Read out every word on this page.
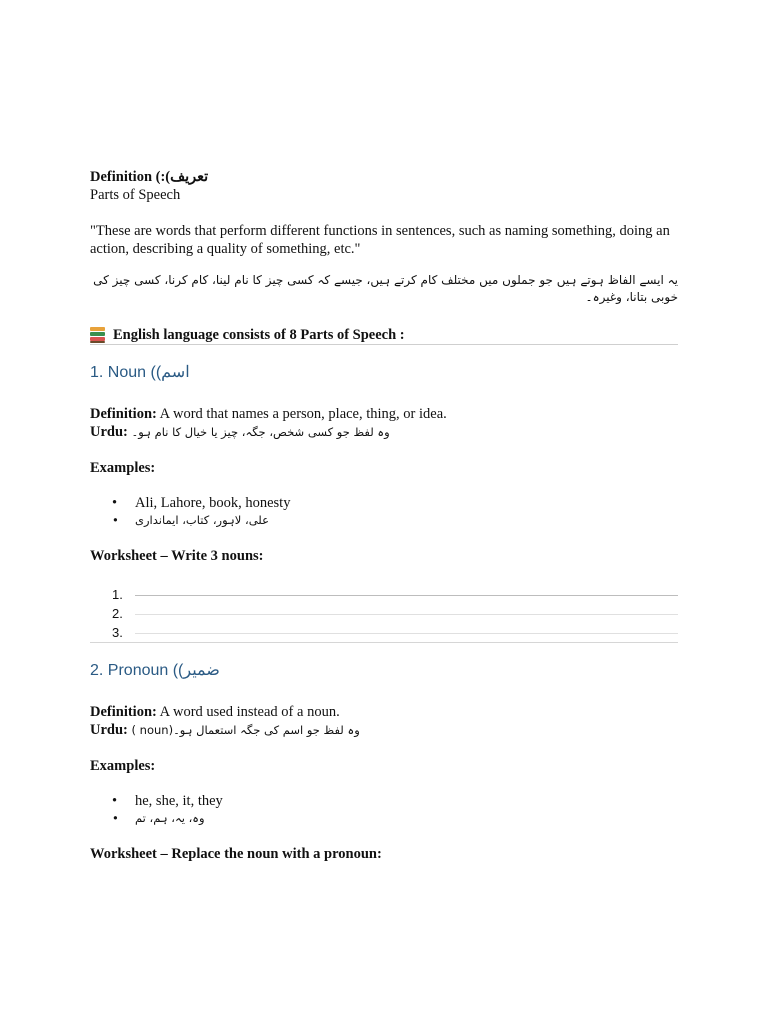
Definition (:(تعریف

Parts of Speech

"These are words that perform different functions in sentences, such as naming something, doing an action, describing a quality of something, etc."

یہ ایسے الفاظ ہوتے ہیں جو جملوں میں مختلف کام کرتے ہیں، جیسے کہ کسی چیز کا نام لینا، کام کرنا، کسی چیز کی خوبی بتانا، وغیرہ۔

English language consists of 8 Parts of Speech :

1. Noun ((اسم

Definition: A word that names a person, place, thing, or idea.

Urdu: وہ لفظ جو کسی شخص، جگہ، چیز یا خیال کا نام ہو۔

Examples:

• Ali, Lahore, book, honesty
• علی، لاہور، کتاب، ایمانداری

Worksheet – Write 3 nouns:

1.
2.
3.
2. Pronoun ((ضمیر

Definition: A word used instead of a noun.

Urdu: ( noun)وہ لفظ جو اسم کی جگہ استعمال ہو۔

Examples:

• he, she, it, they
• وہ، یہ، ہم، تم

Worksheet – Replace the noun with a pronoun:
